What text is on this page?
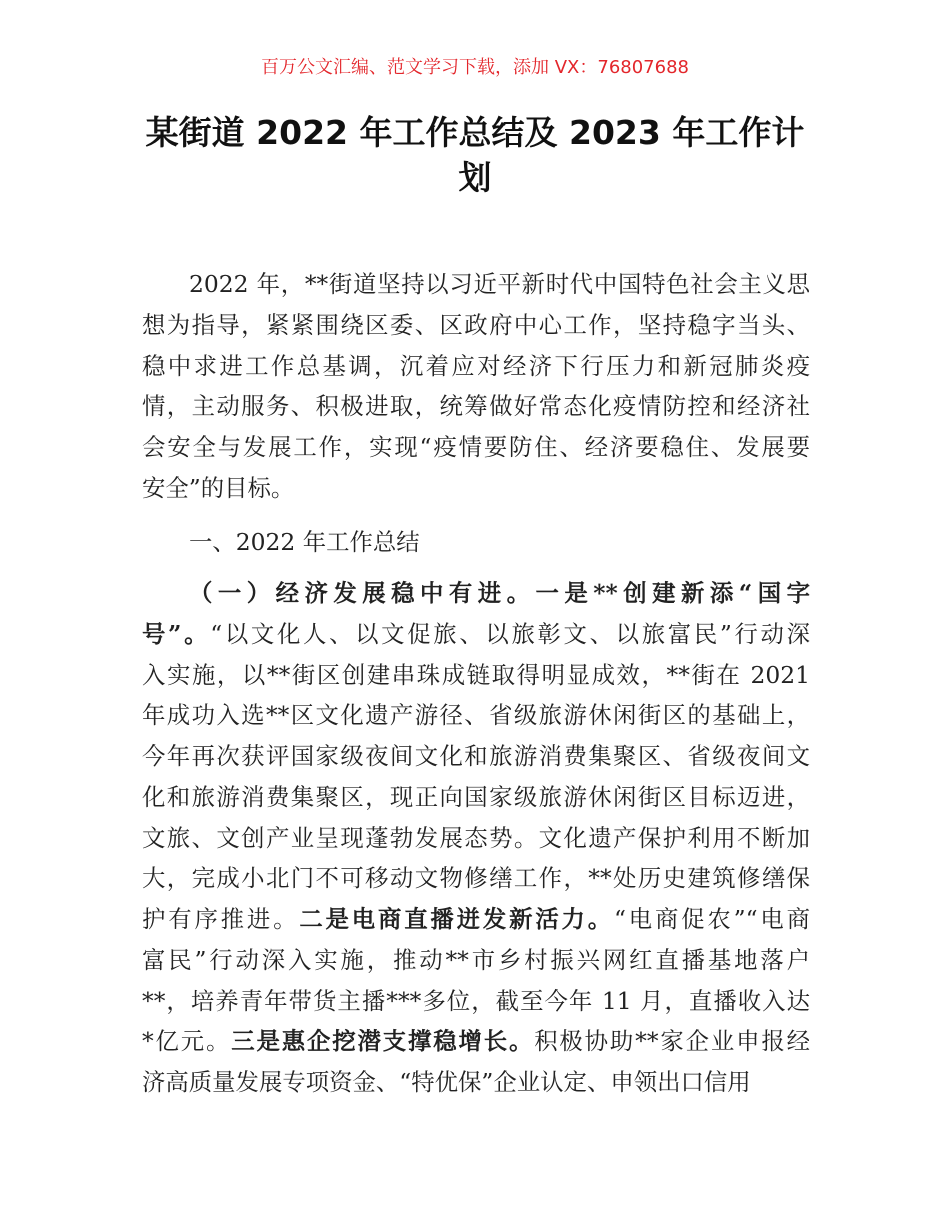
百万公文汇编、范文学习下载，添加 VX：76807688
某街道 2022 年工作总结及 2023 年工作计划
2022 年，**街道坚持以习近平新时代中国特色社会主义思
想为指导，紧紧围绕区委、区政府中心工作，坚持稳字当头、
稳中求进工作总基调，沉着应对经济下行压力和新冠肺炎疫
情，主动服务、积极进取，统筹做好常态化疫情防控和经济社
会安全与发展工作，实现“疫情要防住、经济要稳住、发展要
安全”的目标。
一、2022 年工作总结
（一）经济发展稳中有进。一是**创建新添“国字
号”。“以文化人、以文促旅、以旅彰文、以旅富民”行动深
入实施，以**街区创建串珠成链取得明显成效，**街在 2021
年成功入选**区文化遗产游径、省级旅游休闲街区的基础上，
今年再次获评国家级夜间文化和旅游消费集聚区、省级夜间文
化和旅游消费集聚区，现正向国家级旅游休闲街区目标迈进，
文旅、文创产业呈现蓬勃发展态势。文化遗产保护利用不断加
大，完成小北门不可移动文物修缮工作，**处历史建筑修缮保
护有序推进。二是电商直播迸发新活力。“电商促农”“电商
富民”行动深入实施，推动**市乡村振兴网红直播基地落户
**，培养青年带货主播***多位，截至今年 11 月，直播收入达
*亿元。三是惠企挖潜支撑稳增长。积极协助**家企业申报经
济高质量发展专项资金、“特优保”企业认定、申领出口信用
